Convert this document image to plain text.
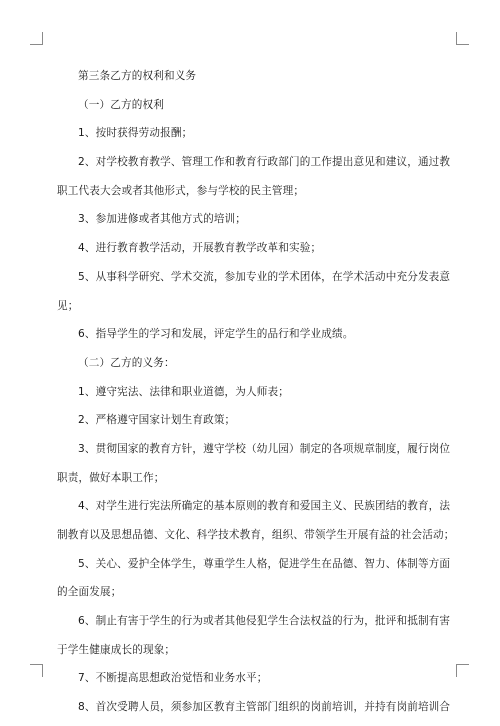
第三条乙方的权利和义务
（一）乙方的权利
1、按时获得劳动报酬；
2、对学校教育教学、管理工作和教育行政部门的工作提出意见和建议，通过教
职工代表大会或者其他形式，参与学校的民主管理；
3、参加进修或者其他方式的培训；
4、进行教育教学活动，开展教育教学改革和实验；
5、从事科学研究、学术交流，参加专业的学术团体，在学术活动中充分发表意
见；
6、指导学生的学习和发展，评定学生的品行和学业成绩。
（二）乙方的义务：
1、遵守宪法、法律和职业道德，为人师表；
2、严格遵守国家计划生育政策；
3、贯彻国家的教育方针，遵守学校（幼儿园）制定的各项规章制度，履行岗位
职责，做好本职工作；
4、对学生进行宪法所确定的基本原则的教育和爱国主义、民族团结的教育，法
制教育以及思想品德、文化、科学技术教育，组织、带领学生开展有益的社会活动；
5、关心、爱护全体学生，尊重学生人格，促进学生在品德、智力、体制等方面
的全面发展；
6、制止有害于学生的行为或者其他侵犯学生合法权益的行为，批评和抵制有害
于学生健康成长的现象；
7、不断提高思想政治觉悟和业务水平；
8、首次受聘人员，须参加区教育主管部门组织的岗前培训，并持有岗前培训合
